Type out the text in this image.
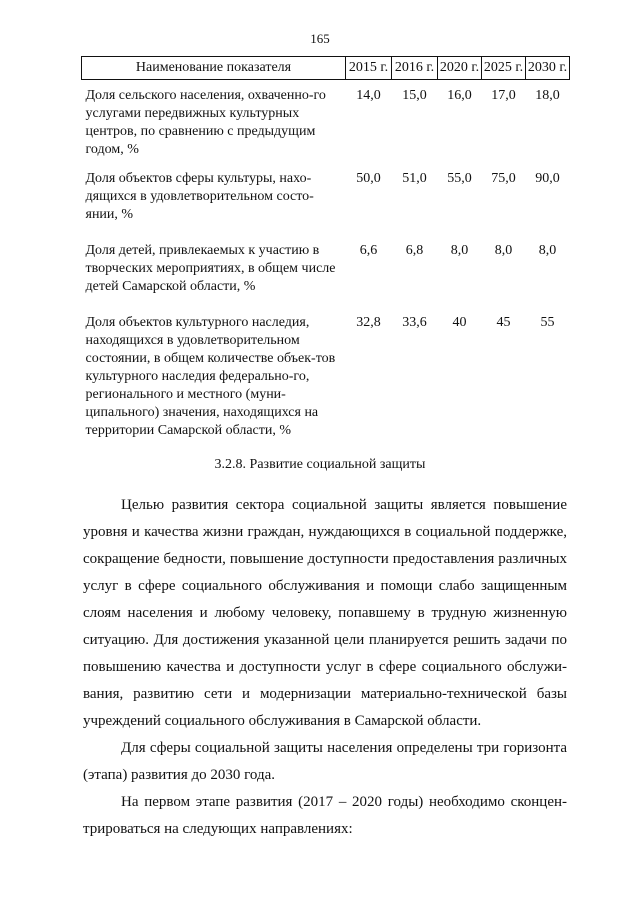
165
Наименование показателя	2015 г.	2016 г.	2020 г.	2025 г.	2030 г.
Доля сельского населения, охваченно-го услугами передвижных культурных центров, по сравнению с предыдущим годом, %	14,0	15,0	16,0	17,0	18,0
Доля объектов сферы культуры, нахо-дящихся в удовлетворительном состо-янии, %	50,0	51,0	55,0	75,0	90,0
Доля детей, привлекаемых к участию в творческих мероприятиях, в общем числе детей Самарской области, %	6,6	6,8	8,0	8,0	8,0
Доля объектов культурного наследия, находящихся в удовлетворительном состоянии, в общем количестве объек-тов культурного наследия федерально-го, регионального и местного (муни-ципального) значения, находящихся на территории Самарской области, %	32,8	33,6	40	45	55
3.2.8. Развитие социальной защиты

Целью развития сектора социальной защиты является повышение уровня и качества жизни граждан, нуждающихся в социальной поддержке, сокращение бедности, повышение доступности предоставления различных услуг в сфере социального обслуживания и помощи слабо защищенным слоям населения и любому человеку, попавшему в трудную жизненную ситуацию. Для достижения указанной цели планируется решить задачи по повышению качества и доступности услуг в сфере социального обслужи-вания, развитию сети и модернизации материально-технической базы учреждений социального обслуживания в Самарской области.

Для сферы социальной защиты населения определены три горизонта (этапа) развития до 2030 года.

На первом этапе развития (2017 – 2020 годы) необходимо сконцен-трироваться на следующих направлениях:
